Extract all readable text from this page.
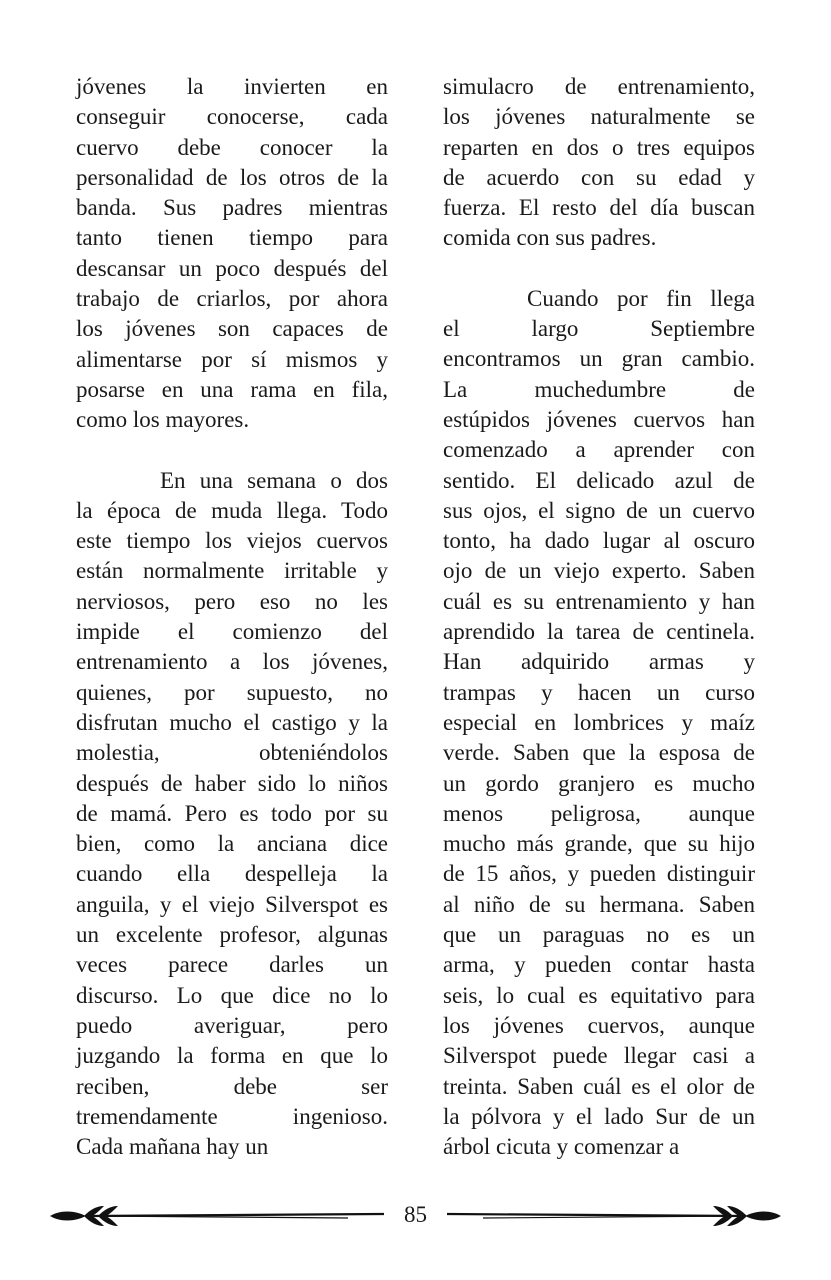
jóvenes la invierten en
conseguir conocerse, cada
cuervo debe conocer la
personalidad de los otros de la
banda. Sus padres mientras
tanto tienen tiempo para
descansar un poco después del
trabajo de criarlos, por ahora
los jóvenes son capaces de
alimentarse por sí mismos y
posarse en una rama en fila,
como los mayores.

En una semana o dos
la época de muda llega. Todo
este tiempo los viejos cuervos
están normalmente irritable y
nerviosos, pero eso no les
impide el comienzo del
entrenamiento a los jóvenes,
quienes, por supuesto, no
disfrutan mucho el castigo y la
molestia, obteniéndolos
después de haber sido lo niños
de mamá. Pero es todo por su
bien, como la anciana dice
cuando ella despelleja la
anguila, y el viejo Silverspot es
un excelente profesor, algunas
veces parece darles un
discurso. Lo que dice no lo
puedo averiguar, pero
juzgando la forma en que lo
reciben, debe ser
tremendamente ingenioso.
Cada mañana hay un

simulacro de entrenamiento,
los jóvenes naturalmente se
reparten en dos o tres equipos
de acuerdo con su edad y
fuerza. El resto del día buscan
comida con sus padres.

Cuando por fin llega
el largo Septiembre
encontramos un gran cambio.
La muchedumbre de
estúpidos jóvenes cuervos han
comenzado a aprender con
sentido. El delicado azul de
sus ojos, el signo de un cuervo
tonto, ha dado lugar al oscuro
ojo de un viejo experto. Saben
cuál es su entrenamiento y han
aprendido la tarea de centinela.
Han adquirido armas y
trampas y hacen un curso
especial en lombrices y maíz
verde. Saben que la esposa de
un gordo granjero es mucho
menos peligrosa, aunque
mucho más grande, que su hijo
de 15 años, y pueden distinguir
al niño de su hermana. Saben
que un paraguas no es un
arma, y pueden contar hasta
seis, lo cual es equitativo para
los jóvenes cuervos, aunque
Silverspot puede llegar casi a
treinta. Saben cuál es el olor de
la pólvora y el lado Sur de un
árbol cicuta y comenzar a

85
